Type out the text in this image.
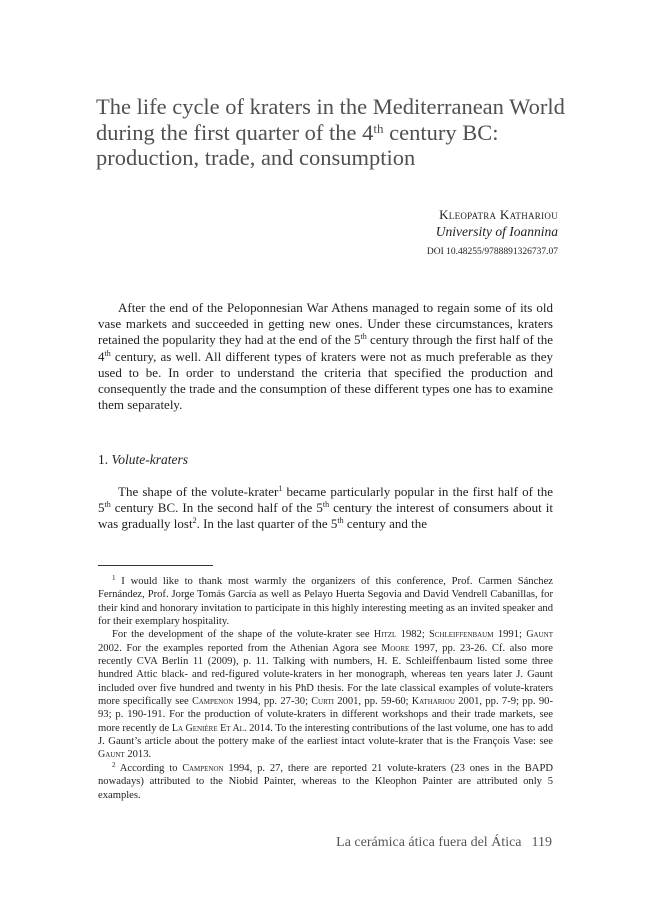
The life cycle of kraters in the Mediterranean World during the first quarter of the 4th century BC: production, trade, and consumption
Kleopatra Kathariou
University of Ioannina
DOI 10.48255/9788891326737.07

After the end of the Peloponnesian War Athens managed to regain some of its old vase markets and succeeded in getting new ones. Under these circumstances, kraters retained the popularity they had at the end of the 5th century through the first half of the 4th century, as well. All different types of kraters were not as much preferable as they used to be. In order to understand the criteria that specified the production and consequently the trade and the consumption of these different types one has to examine them separately.

1. Volute-kraters

The shape of the volute-krater$^1$ became particularly popular in the first half of the 5th century BC. In the second half of the 5th century the interest of consumers about it was gradually lost$^2$. In the last quarter of the 5th century and the

$^1$ I would like to thank most warmly the organizers of this conference, Prof. Carmen Sánchez Fernández, Prof. Jorge Tomás García as well as Pelayo Huerta Segovia and David Vendrell Cabanillas, for their kind and honorary invitation to participate in this highly interesting meeting as an invited speaker and for their exemplary hospitality.

For the development of the shape of the volute-krater see Hitzl 1982; Schleiffenbaum 1991; Gaunt 2002. For the examples reported from the Athenian Agora see Moore 1997, pp. 23-26. Cf. also more recently CVA Berlin 11 (2009), p. 11. Talking with numbers, H. E. Schleiffenbaum listed some three hundred Attic black- and red-figured volute-kraters in her monograph, whereas ten years later J. Gaunt included over five hundred and twenty in his PhD thesis. For the late classical examples of volute-kraters more specifically see Campenon 1994, pp. 27-30; Curti 2001, pp. 59-60; Kathariou 2001, pp. 7-9; pp. 90-93; p. 190-191. For the production of volute-kraters in different workshops and their trade markets, see more recently de La Genière Et Al. 2014. To the interesting contributions of the last volume, one has to add J. Gaunt’s article about the pottery make of the earliest intact volute-krater that is the François Vase: see Gaunt 2013.

$^2$ According to Campenon 1994, p. 27, there are reported 21 volute-kraters (23 ones in the BAPD nowadays) attributed to the Niobid Painter, whereas to the Kleophon Painter are attributed only 5 examples.

La cerámica ática fuera del Ática 119
